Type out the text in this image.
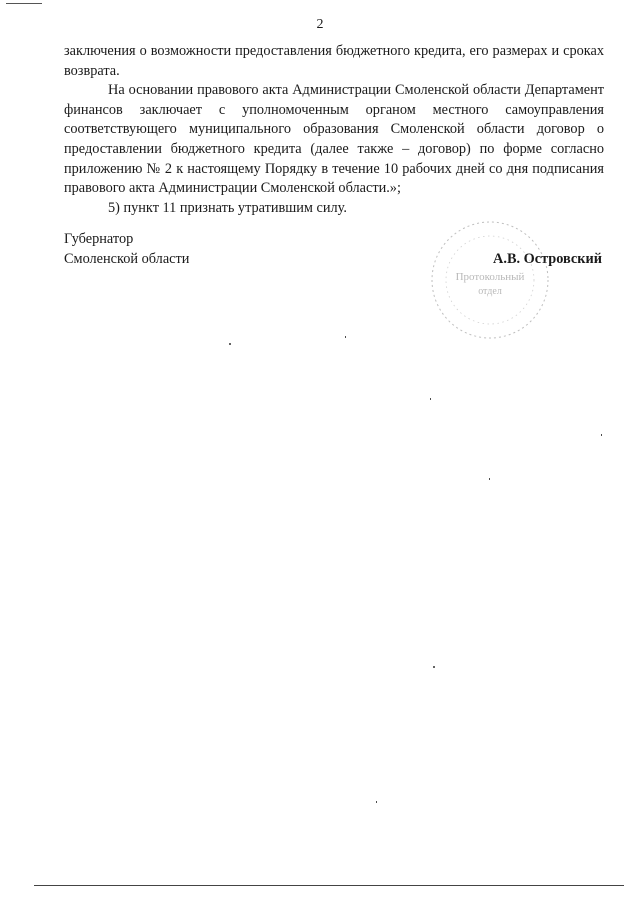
2

заключения о возможности предоставления бюджетного кредита, его размерах и сроках возврата.

На основании правового акта Администрации Смоленской области Департамент финансов заключает с уполномоченным органом местного самоуправления соответствующего муниципального образования Смоленской области договор о предоставлении бюджетного кредита (далее также – договор) по форме согласно приложению № 2 к настоящему Порядку в течение 10 рабочих дней со дня подписания правового акта Администрации Смоленской области.»;

5) пункт 11 признать утратившим силу.

Губернатор
Смоленской области	А.В. Островский
Протокольный
отдел
